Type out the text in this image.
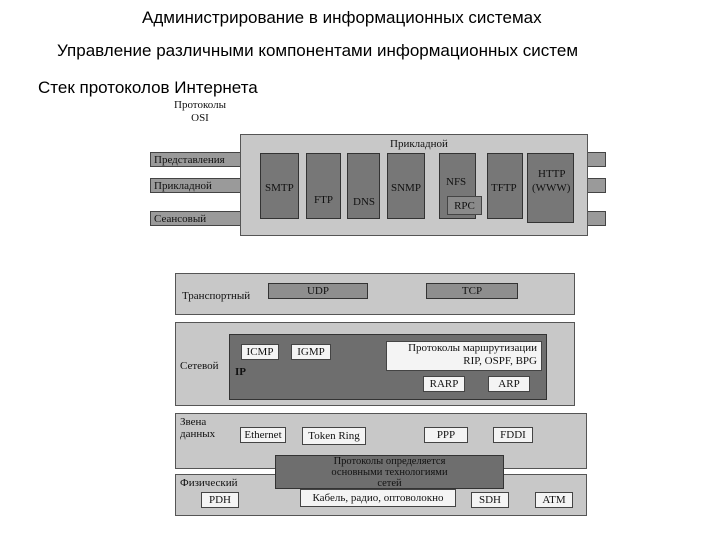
Администрирование в информационных системах
Управление различными компонентами информационных систем
Стек протоколов Интернета
Протоколы
OSI
Представления
Прикладной
Сеансовый
Прикладной
SMTP
FTP DNS
SNMP NFS
RPC
TFTP
HTTP
(WWW)
Транспортный	UDP	TCP
Сетевой
ICMP	IGMP
IP
Протоколы маршрутизации
RIP, OSPF, BPG
RARP	ARP
Звена
данных	Ethernet	Token Ring	PPP	FDDI
Физический
PDH	Кабель, радио, оптоволокно	SDH	ATM
Протоколы определяется
основными технологиями
сетей
